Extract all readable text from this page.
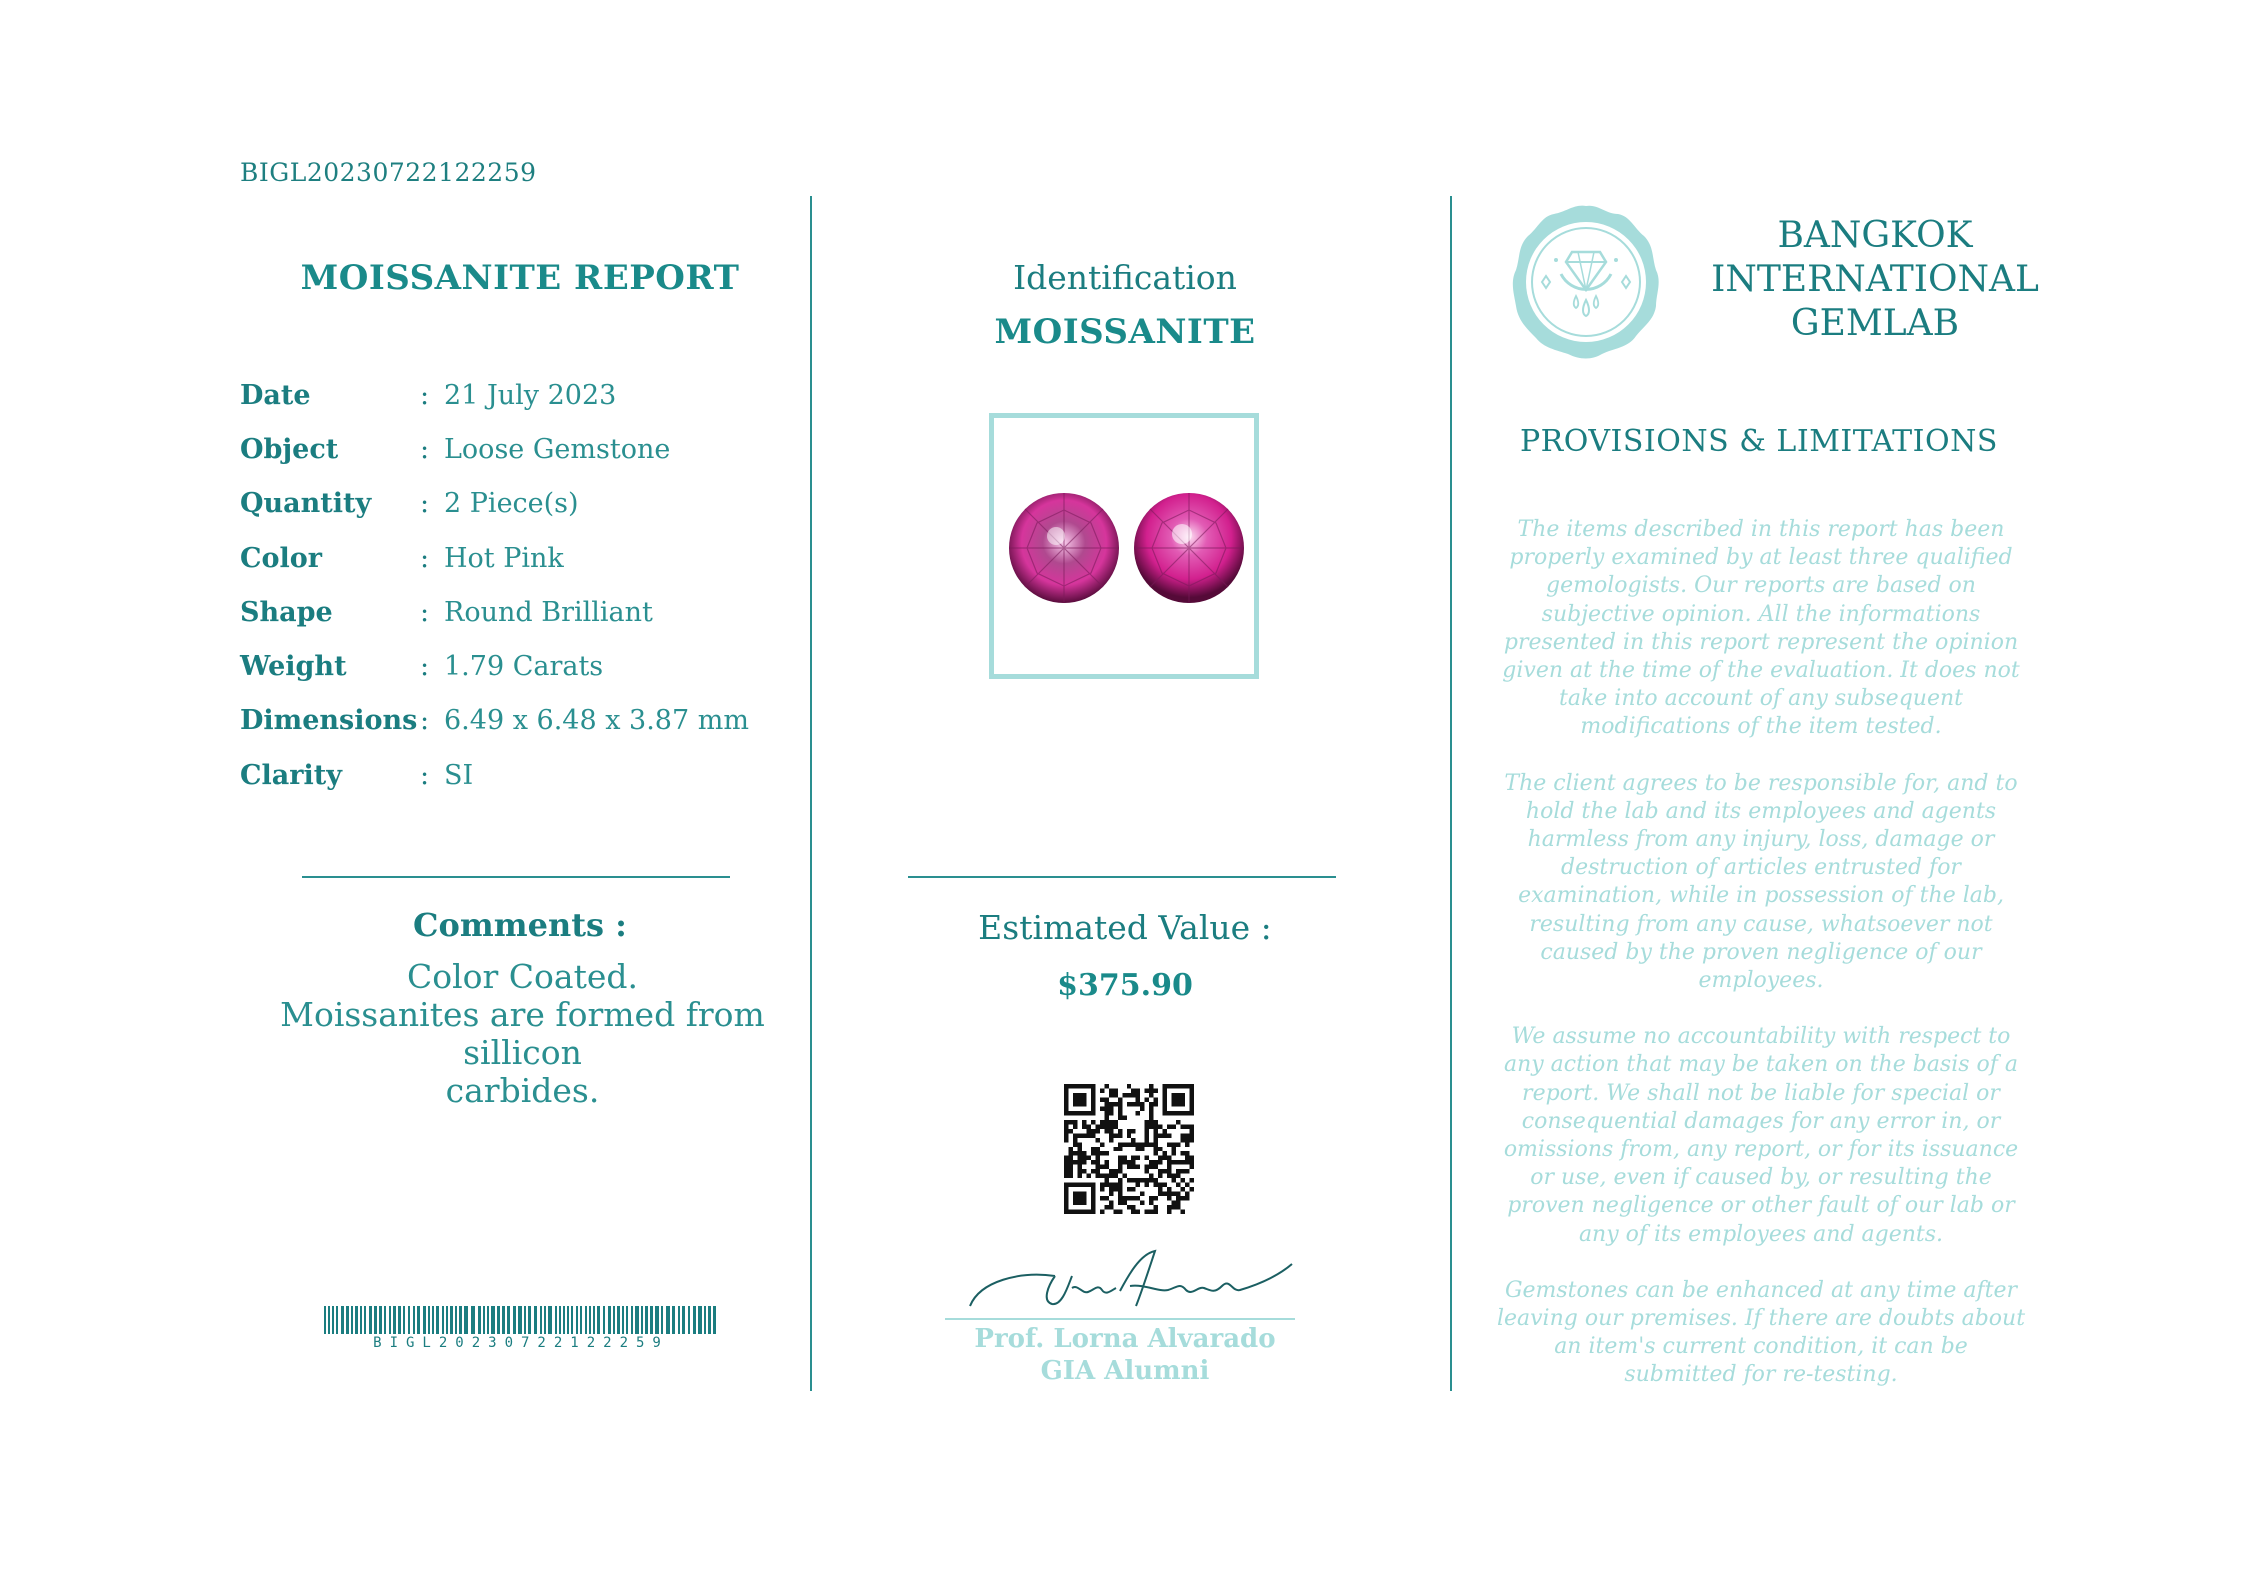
BIGL20230722122259
MOISSANITE REPORT
Date	: 21 July 2023
Object	: Loose Gemstone
Quantity	: 2 Piece(s)
Color	: Hot Pink
Shape	: Round Brilliant
Weight	: 1.79 Carats
Dimensions : 6.49 x 6.48 x 3.87 mm
Clarity	: SI
Comments :
Color Coated.
Moissanites are formed from sillicon
carbides.
BIGL20230722122259
Identification
MOISSANITE
Estimated Value :
$375.90
Prof. Lorna Alvarado
GIA Alumni
BANGKOK
INTERNATIONAL
GEMLAB
PROVISIONS & LIMITATIONS

The items described in this report has been properly examined by at least three qualified gemologists. Our reports are based on subjective opinion. All the informations presented in this report represent the opinion given at the time of the evaluation. It does not take into account of any subsequent modifications of the item tested.

The client agrees to be responsible for, and to hold the lab and its employees and agents harmless from any injury, loss, damage or destruction of articles entrusted for examination, while in possession of the lab, resulting from any cause, whatsoever not caused by the proven negligence of our employees.

We assume no accountability with respect to any action that may be taken on the basis of a report. We shall not be liable for special or consequential damages for any error in, or omissions from, any report, or for its issuance or use, even if caused by, or resulting the proven negligence or other fault of our lab or any of its employees and agents.

Gemstones can be enhanced at any time after leaving our premises. If there are doubts about an item's current condition, it can be submitted for re-testing.
